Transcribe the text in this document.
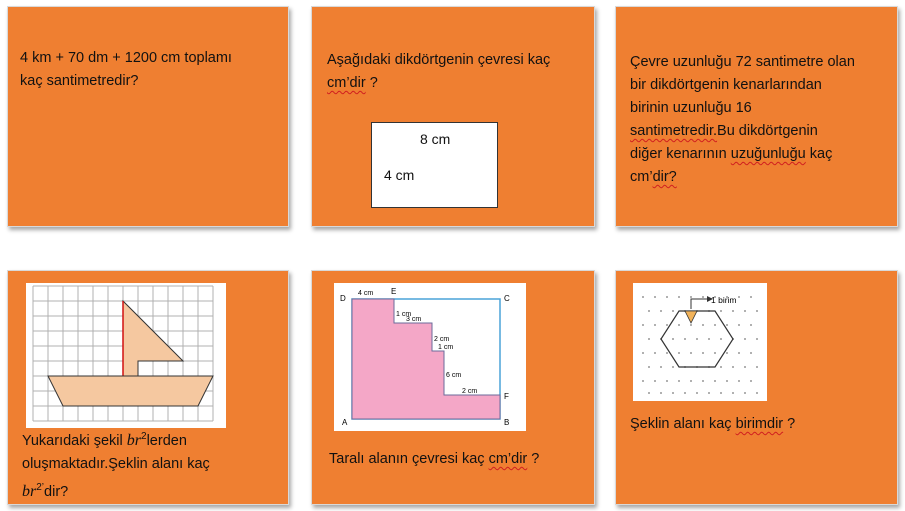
4 km + 70 dm + 1200 cm toplamı
kaç santimetredir?
Aşağıdaki dikdörtgenin çevresi kaç
cm’dir ?
8 cm
4 cm
Çevre uzunluğu 72 santimetre olan
bir dikdörtgenin kenarlarından
birinin uzunluğu 16
santimetredir.Bu dikdörtgenin
diğer kenarının uzuğunluğu kaç
cm’dir?
Yukarıdaki şekil $br^2lerden$
oluşmaktadır.Şeklin alanı kaç
$br^{2’}dir$?
D
E
C
A	B
F
4 cm
1 cm
3 cm
2 cm
1 cm
6 cm
2 cm
Taralı alanın çevresi kaç cm’dir ?
1 birim
Şeklin alanı kaç birimdir ?
